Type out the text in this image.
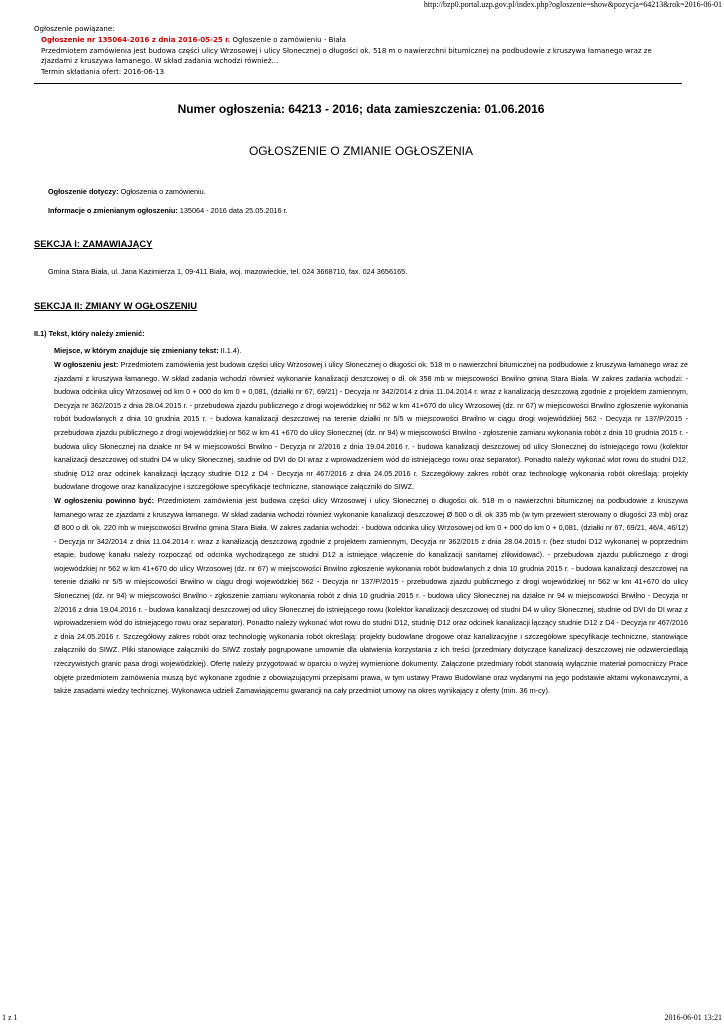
http://bzp0.portal.uzp.gov.pl/index.php?ogloszenie=show&pozycja=64213&rok=2016-06-01
Ogłoszenie powiązane:
Ogłoszenie nr 135064-2016 z dnia 2016-05-25 r. Ogłoszenie o zamówieniu - Biała
Przedmiotem zamówienia jest budowa części ulicy Wrzosowej i ulicy Słonecznej o długości ok. 518 m o nawierzchni bitumicznej na podbudowie z kruszywa łamanego wraz ze zjazdami z kruszywa łamanego. W skład zadania wchodzi również...
Termin składania ofert: 2016-06-13
Numer ogłoszenia: 64213 - 2016; data zamieszczenia: 01.06.2016
OGŁOSZENIE O ZMIANIE OGŁOSZENIA
Ogłoszenie dotyczy: Ogłoszenia o zamówieniu.
Informacje o zmienianym ogłoszeniu: 135064 - 2016 data 25.05.2016 r.
SEKCJA I: ZAMAWIAJĄCY
Gmina Stara Biała, ul. Jana Kazimierza 1, 09-411 Biała, woj. mazowieckie, tel. 024 3668710, fax. 024 3656165.
SEKCJA II: ZMIANY W OGŁOSZENIU
II.1) Tekst, który należy zmienić:
Miejsce, w którym znajduje się zmieniany tekst: II.1.4).
W ogłoszeniu jest: Przedmiotem zamówienia jest budowa części ulicy Wrzosowej i ulicy Słonecznej o długości ok. 518 m o nawierzchni bitumicznej na podbudowie z kruszywa łamanego wraz ze zjazdami z kruszywa łamanego. W skład zadania wchodzi również wykonanie kanalizacji deszczowej o dł. ok 358 mb w miejscowości Brwilno gmina Stara Biała. W zakres zadania wchodzi: - budowa odcinka ulicy Wrzosowej od km 0 + 000 do km 0 + 0,081, (działki nr 67, 69/21) - Decyzja nr 342/2014 z dnia 11.04.2014 r. wraz z kanalizacją deszczową zgodnie z projektem zamiennym, Decyzja nr 362/2015 z dnia 28.04.2015 r. - przebudowa zjazdu publicznego z drogi wojewódzkiej nr 562 w km 41+670 do ulicy Wrzosowej (dz. nr 67) w miejscowości Brwilno zgłoszenie wykonania robót budowlanych z dnia 10 grudnia 2015 r. - budowa kanalizacji deszczowej na terenie działki nr 5/5 w miejscowości Brwilno w ciągu drogi wojewódzkiej 562 - Decyzja nr 137/P/2015 - przebudowa zjazdu publicznego z drogi wojewódzkiej nr 562 w km 41 +670 do ulicy Słonecznej (dz. nr 94) w miejscowości Brwilno - zgłoszenie zamiaru wykonania robót z dnia 10 grudnia 2015 r. - budowa ulicy Słonecznej na działce nr 94 w miejscowości Brwilno - Decyzja nr 2/2016 z dnia 19.04.2016 r. - budowa kanalizacji deszczowej od ulicy Słonecznej do istniejącego rowu (kolektor kanalizacji deszczowej od studni D4 w ulicy Słonecznej, studnie od DVI do DI wraz z wprowadzeniem wód do istniejącego rowu oraz separator). Ponadto należy wykonać wlot rowu do studni D12, studnię D12 oraz odcinek kanalizacji łączący studnie D12 z D4 - Decyzja nr 467/2016 z dnia 24.05.2016 r. Szczegółowy zakres robót oraz technologię wykonania robót określają: projekty budowlane drogowe oraz kanalizacyjne i szczegółowe specyfikacje techniczne, stanowiące załączniki do SIWZ.
W ogłoszeniu powinno być: Przedmiotem zamówienia jest budowa części ulicy Wrzosowej i ulicy Słonecznej o długości ok. 518 m o nawierzchni bitumicznej na podbudowie z kruszywa łamanego wraz ze zjazdami z kruszywa łamanego. W skład zadania wchodzi również wykonanie kanalizacji deszczowej Ø 500 o dł. ok 335 mb (w tym przewiert sterowany o długości 23 mb) oraz Ø 800 o dł. ok. 220 mb w miejscowości Brwilno gmina Stara Biała. W zakres zadania wchodzi: - budowa odcinka ulicy Wrzosowej od km 0 + 000 do km 0 + 0,081, (działki nr 67, 69/21, 46/4, 46/12) - Decyzja nr 342/2014 z dnia 11.04.2014 r. wraz z kanalizacją deszczową zgodnie z projektem zamiennym, Decyzja nr 362/2015 z dnia 28.04.2015 r. (bez studni D12 wykonanej w poprzednim etapie, budowę kanału należy rozpocząć od odcinka wychodzącego ze studni D12 a istniejące włączenie do kanalizacji sanitarnej zlikwidować). - przebudowa zjazdu publicznego z drogi wojewódzkiej nr 562 w km 41+670 do ulicy Wrzosowej (dz. nr 67) w miejscowości Brwilno zgłoszenie wykonania robót budowlanych z dnia 10 grudnia 2015 r. - budowa kanalizacji deszczowej na terenie działki nr 5/5 w miejscowości Brwilno w ciągu drogi wojewódzkiej 562 - Decyzja nr 137/P/2015 - przebudowa zjazdu publicznego z drogi wojewódzkiej nr 562 w km 41+670 do ulicy Słonecznej (dz. nr 94) w miejscowości Brwilno - zgłoszenie zamiaru wykonania robót z dnia 10 grudnia 2015 r. - budowa ulicy Słonecznej na działce nr 94 w miejscowości Brwilno - Decyzja nr 2/2016 z dnia 19.04.2016 r. - budowa kanalizacji deszczowej od ulicy Słonecznej do istniejącego rowu (kolektor kanalizacji deszczowej od studni D4 w ulicy Słonecznej, studnie od DVI do DI wraz z wprowadzeniem wód do istniejącego rowu oraz separator). Ponadto należy wykonać wlot rowu do studni D12, studnię D12 oraz odcinek kanalizacji łączący studnie D12 z D4 - Decyzja nr 467/2016 z dnia 24.05.2016 r. Szczegółowy zakres robót oraz technologię wykonania robót określają: projekty budowlane drogowe oraz kanalizacyjne i szczegółowe specyfikacje techniczne, stanowiące załączniki do SIWZ. Pliki stanowiące załączniki do SIWZ zostały pogrupowane umownie dla ułatwienia korzystania z ich treści (przedmiary dotyczące kanalizacji deszczowej nie odzwierciedlają rzeczywistych granic pasa drogi wojewódzkiej). Ofertę należy przygotować w oparciu o wyżej wymienione dokumenty. Załączone przedmiary robót stanowią wyłącznie materiał pomocniczy Prace objęte przedmiotem zamówienia muszą być wykonane zgodnie z obowiązującymi przepisami prawa, w tym ustawy Prawo Budowlane oraz wydanymi na jego podstawie aktami wykonawczymi, a także zasadami wiedzy technicznej. Wykonawca udzieli Zamawiającemu gwarancji na cały przedmiot umowy na okres wynikający z oferty (min. 36 m-cy).
1 z 1	2016-06-01 13:21
